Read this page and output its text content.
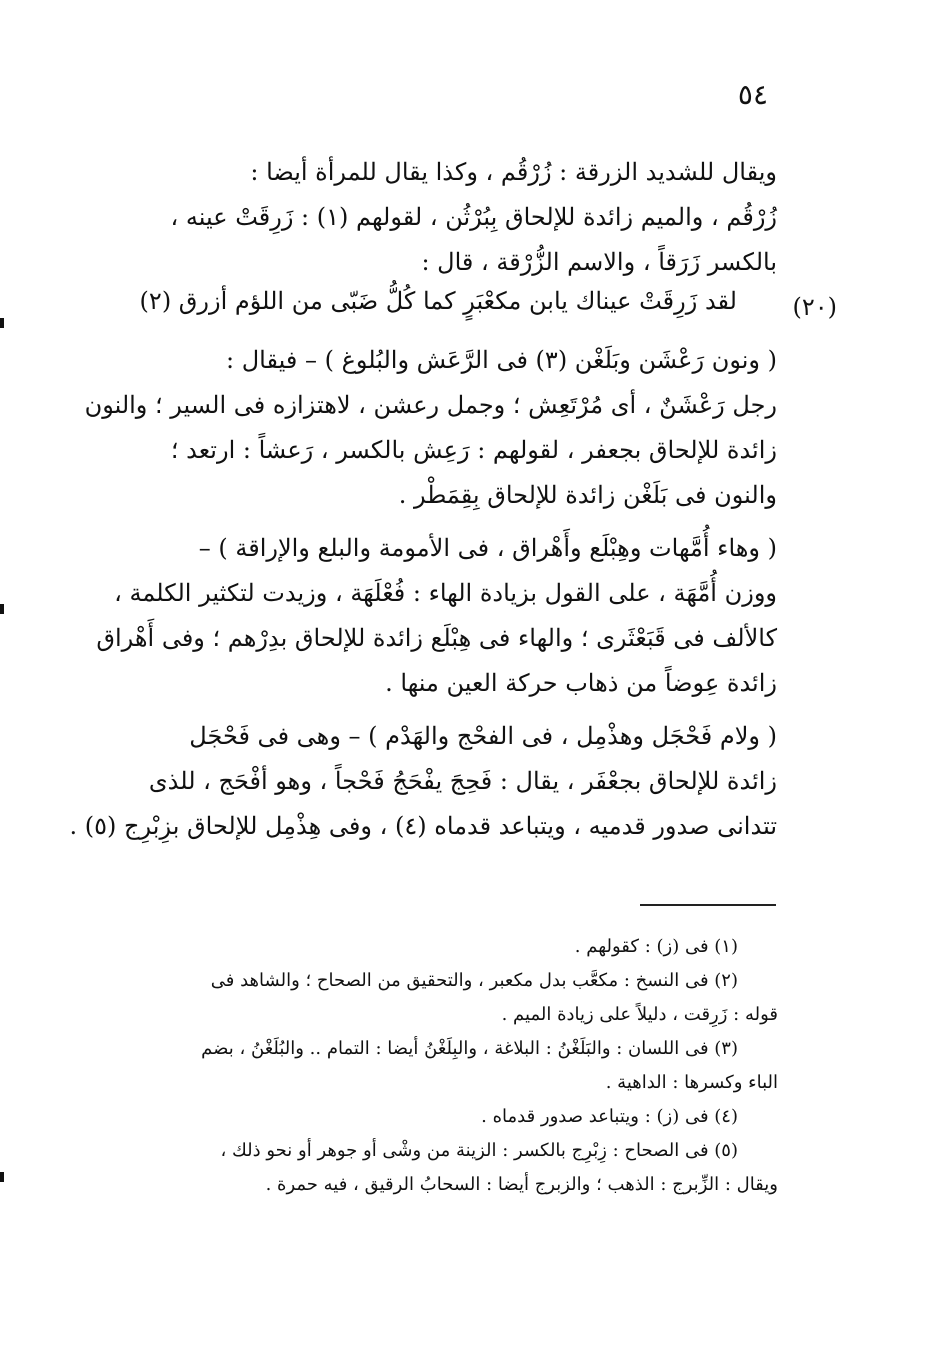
٥٤
ويقال للشديد الزرقة : زُرْقُم ، وكذا يقال للمرأة أيضا :
زُرْقُم ، والميم زائدة للإلحاق بِبُرْثُن ، لقولهم (١) : زَرِقَتْ عينه ،
بالكسر زَرَقاً ، والاسم الزُّرْقة ، قال :
(٢٠)
لقد زَرِقَتْ عيناك يابن مكعْبَرٍ كما كُلُّ ضَبّى من اللؤم أزرق (٢)
( ونون رَعْشَن وبَلَغْن (٣) فى الرَّعَش والبُلوغ ) – فيقال :
رجل رَعْشَنٌ ، أى مُرْتَعِش ؛ وجمل رعشن ، لاهتزازه فى السير ؛ والنون
زائدة للإلحاق بجعفر ، لقولهم : رَعِش بالكسر ، رَعشاً : ارتعد ؛
والنون فى بَلَغْن زائدة للإلحاق بِقِمَطْر .
( وهاء أُمَّهات وهِبْلَع وأَهْراق ، فى الأمومة والبلع والإراقة ) –
ووزن أُمَّهَة ، على القول بزيادة الهاء : فُعْلَهَة ، وزيدت لتكثير الكلمة ،
كالألف فى قَبَعْثَرى ؛ والهاء فى هِبْلَع زائدة للإلحاق بدِرْهم ؛ وفى أَهْراق
زائدة عِوضاً من ذهاب حركة العين منها .
( ولام فَحْجَل وهذْمِل ، فى الفحْج والهَدْم ) – وهى فى فَحْجَل
زائدة للإلحاق بجعْفَر ، يقال : فَحِجَ يفْحَجُ فَحْجاً ، وهو أفْحَج ، للذى
تتدانى صدور قدميه ، ويتباعد قدماه (٤) ، وفى هِذْمِل للإلحاق بزِبْرِج (٥) .
(١) فى (ز) : كقولهم .
(٢) فى النسخ : مكعَّب بدل مكعبر ، والتحقيق من الصحاح ؛ والشاهد فى
قوله : زَرِقت ، دليلاً على زيادة الميم .
(٣) فى اللسان : والبَلَغْنُ : البلاغة ، والبِلَغْنُ أيضا : التمام .. والبُلَغْنُ ، بضم
الباء وكسرها : الداهية .
(٤) فى (ز) : ويتباعد صدور قدماه .
(٥) فى الصحاح : زِبْرِج بالكسر : الزينة من وشْى أو جوهر أو نحو ذلك ،
ويقال : الزِّبرج : الذهب ؛ والزبرج أيضا : السحابُ الرقيق ، فيه حمرة .
